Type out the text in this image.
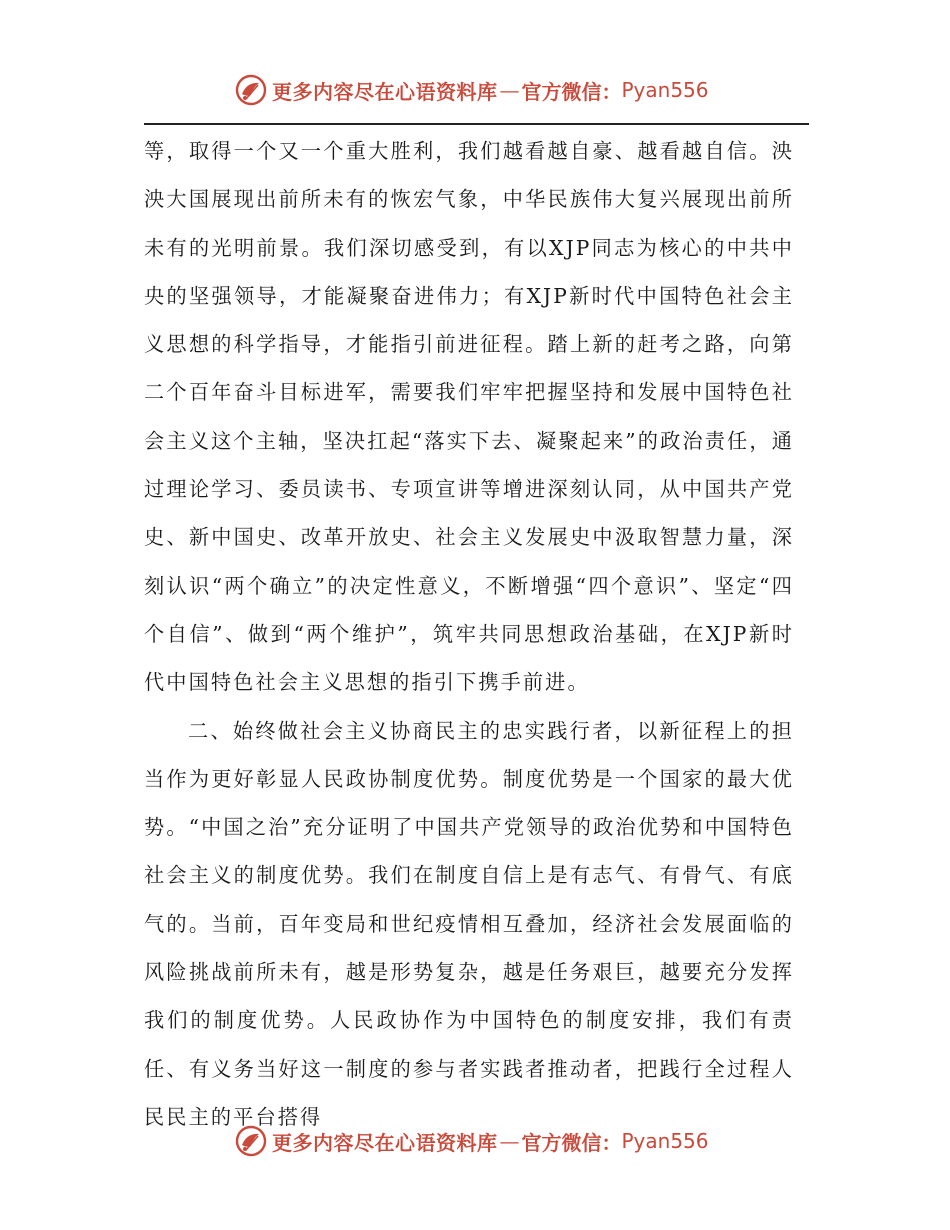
更多内容尽在心语资料库 — 官方微信： Pyan556

等，取得一个又一个重大胜利，我们越看越自豪、越看越自信。泱泱大国展现出前所未有的恢宏气象，中华民族伟大复兴展现出前所未有的光明前景。我们深切感受到，有以XJP同志为核心的中共中央的坚强领导，才能凝聚奋进伟力；有XJP新时代中国特色社会主义思想的科学指导，才能指引前进征程。踏上新的赶考之路，向第二个百年奋斗目标进军，需要我们牢牢把握坚持和发展中国特色社会主义这个主轴，坚决扛起“落实下去、凝聚起来”的政治责任，通过理论学习、委员读书、专项宣讲等增进深刻认同，从中国共产党史、新中国史、改革开放史、社会主义发展史中汲取智慧力量，深刻认识“两个确立”的决定性意义，不断增强“四个意识”、坚定“四个自信”、做到“两个维护”，筑牢共同思想政治基础，在XJP新时代中国特色社会主义思想的指引下携手前进。

二、始终做社会主义协商民主的忠实践行者，以新征程上的担当作为更好彰显人民政协制度优势。制度优势是一个国家的最大优势。“中国之治”充分证明了中国共产党领导的政治优势和中国特色社会主义的制度优势。我们在制度自信上是有志气、有骨气、有底气的。当前，百年变局和世纪疫情相互叠加，经济社会发展面临的风险挑战前所未有，越是形势复杂，越是任务艰巨，越要充分发挥我们的制度优势。人民政协作为中国特色的制度安排，我们有责任、有义务当好这一制度的参与者实践者推动者，把践行全过程人民民主的平台搭得

更多内容尽在心语资料库 — 官方微信： Pyan556
